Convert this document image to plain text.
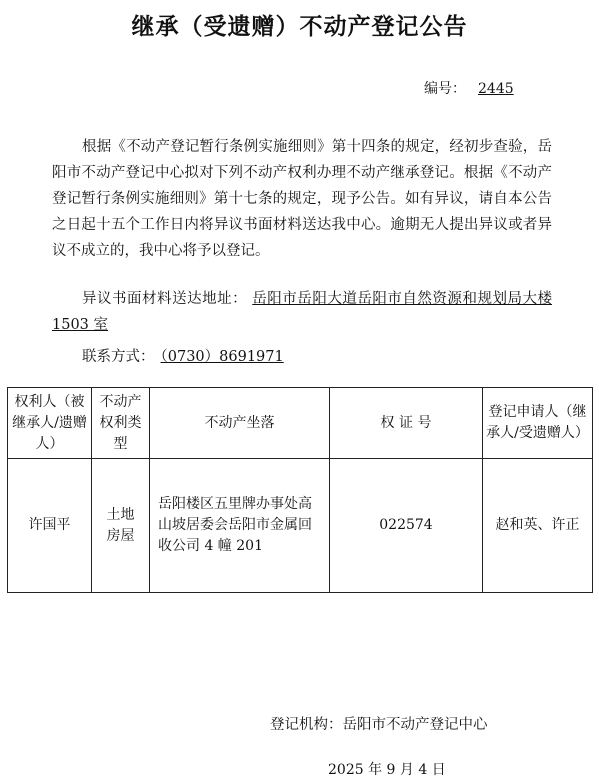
继承（受遗赠）不动产登记公告
编号： 2445
根据《不动产登记暂行条例实施细则》第十四条的规定，经初步查验，岳阳市不动产登记中心拟对下列不动产权利办理不动产继承登记。根据《不动产登记暂行条例实施细则》第十七条的规定，现予公告。如有异议，请自本公告之日起十五个工作日内将异议书面材料送达我中心。逾期无人提出异议或者异议不成立的，我中心将予以登记。
异议书面材料送达地址： 岳阳市岳阳大道岳阳市自然资源和规划局大楼 1503 室
联系方式： （0730）8691971
权利人（被继承人/遗赠人）	不动产权利类型	不动产坐落	权 证 号	登记申请人（继承人/受遗赠人）
许国平	土地房屋	岳阳楼区五里牌办事处高山坡居委会岳阳市金属回收公司 4 幢 201	022574	赵和英、许正
登记机构：岳阳市不动产登记中心
2025 年 9 月 4 日
